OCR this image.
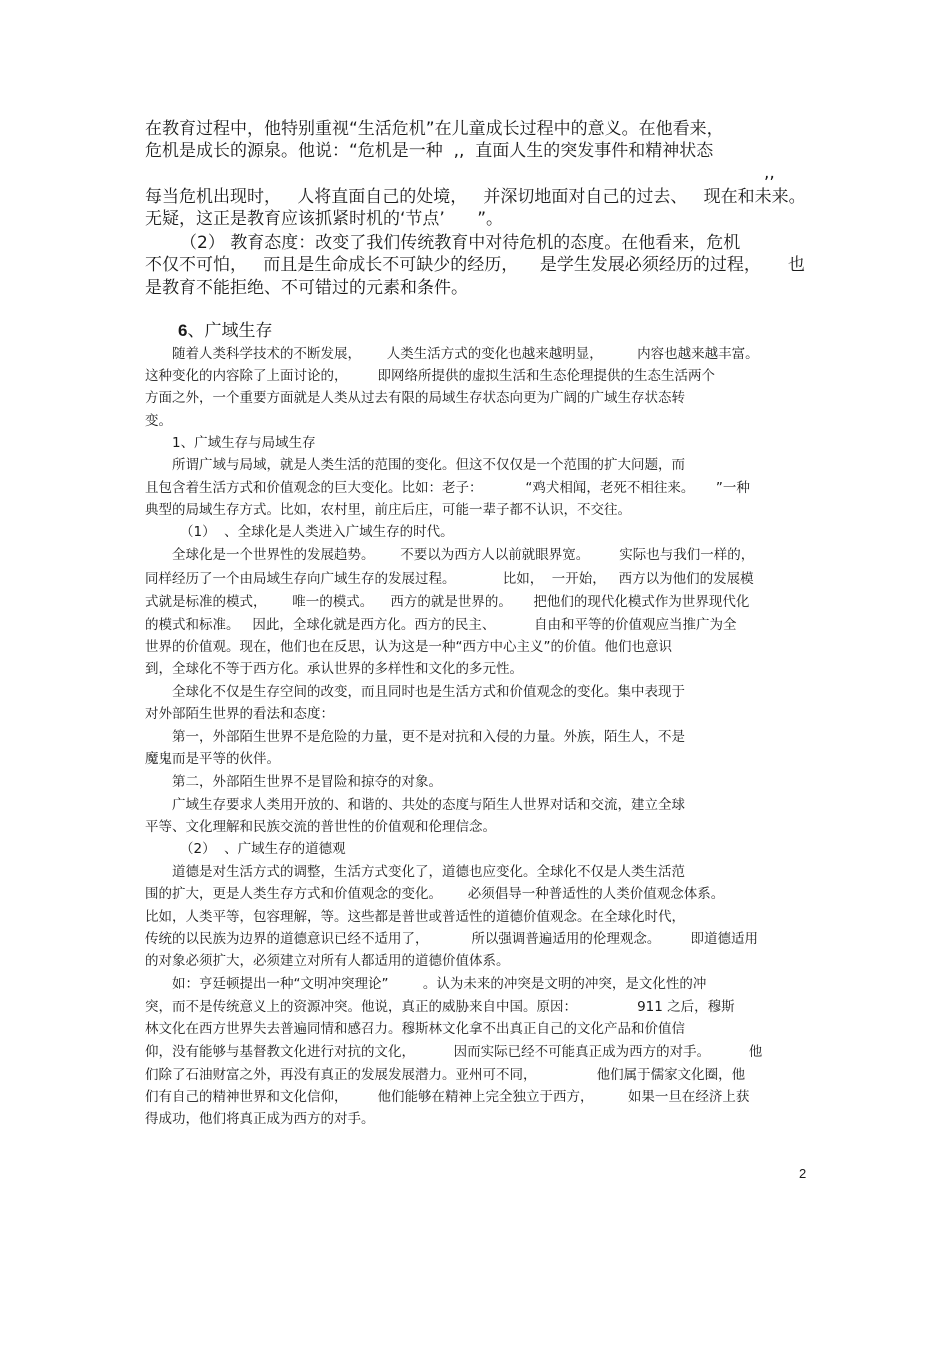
在教育过程中，他特别重视“生活危机”在儿童成长过程中的意义。在他看来，
危机是成长的源泉。他说：“危机是一种  ,,  直面人生的突发事件和精神状态
,,
每当危机出现时，   人将直面自己的处境，   并深切地面对自己的过去、   现在和未来。
无疑，这正是教育应该抓紧时机的‘节点’      ”。
（2） 教育态度：改变了我们传统教育中对待危机的态度。在他看来，危机
不仅不可怕，   而且是生命成长不可缺少的经历，    是学生发展必须经历的过程，     也
是教育不能拒绝、不可错过的元素和条件。
6、广域生存
随着人类科学技术的不断发展，      人类生活方式的变化也越来越明显，        内容也越来越丰富。
这种变化的内容除了上面讨论的，       即网络所提供的虚拟生活和生态伦理提供的生态生活两个
方面之外，一个重要方面就是人类从过去有限的局域生存状态向更为广阔的广域生存状态转
变。
1、广域生存与局域生存
所谓广域与局域，就是人类生活的范围的变化。但这不仅仅是一个范围的扩大问题，而
且包含着生活方式和价值观念的巨大变化。比如：老子：          “鸡犬相闻，老死不相往来。     ”一种
典型的局域生存方式。比如，农村里，前庄后庄，可能一辈子都不认识，不交往。
（1）  、全球化是人类进入广域生存的时代。
全球化是一个世界性的发展趋势。      不要以为西方人以前就眼界宽。       实际也与我们一样的，
同样经历了一个由局域生存向广域生存的发展过程。           比如，  一开始，   西方以为他们的发展模
式就是标准的模式，      唯一的模式。    西方的就是世界的。     把他们的现代化模式作为世界现代化
的模式和标准。   因此，全球化就是西方化。西方的民主、         自由和平等的价值观应当推广为全
世界的价值观。现在，他们也在反思，认为这是一种“西方中心主义”的价值。他们也意识
到，全球化不等于西方化。承认世界的多样性和文化的多元性。
全球化不仅是生存空间的改变，而且同时也是生活方式和价值观念的变化。集中表现于
对外部陌生世界的看法和态度：
第一，外部陌生世界不是危险的力量，更不是对抗和入侵的力量。外族，陌生人，不是
魔鬼而是平等的伙伴。
第二，外部陌生世界不是冒险和掠夺的对象。
广域生存要求人类用开放的、和谐的、共处的态度与陌生人世界对话和交流，建立全球
平等、文化理解和民族交流的普世性的价值观和伦理信念。
（2）  、广域生存的道德观
道德是对生活方式的调整，生活方式变化了，道德也应变化。全球化不仅是人类生活范
围的扩大，更是人类生存方式和价值观念的变化。      必须倡导一种普适性的人类价值观念体系。
比如，人类平等，包容理解，等。这些都是普世或普适性的道德价值观念。在全球化时代，
传统的以民族为边界的道德意识已经不适用了，          所以强调普遍适用的伦理观念。       即道德适用
的对象必须扩大，必须建立对所有人都适用的道德价值体系。
如：亨廷顿提出一种“文明冲突理论”        。认为未来的冲突是文明的冲突，是文化性的冲
突，而不是传统意义上的资源冲突。他说，真正的威胁来自中国。原因：              911 之后，穆斯
林文化在西方世界失去普遍同情和感召力。穆斯林文化拿不出真正自己的文化产品和价值信
仰，没有能够与基督教文化进行对抗的文化，         因而实际已经不可能真正成为西方的对手。         他
们除了石油财富之外，再没有真正的发展发展潜力。亚州可不同，              他们属于儒家文化圈，他
们有自己的精神世界和文化信仰，       他们能够在精神上完全独立于西方，        如果一旦在经济上获
得成功，他们将真正成为西方的对手。
2
